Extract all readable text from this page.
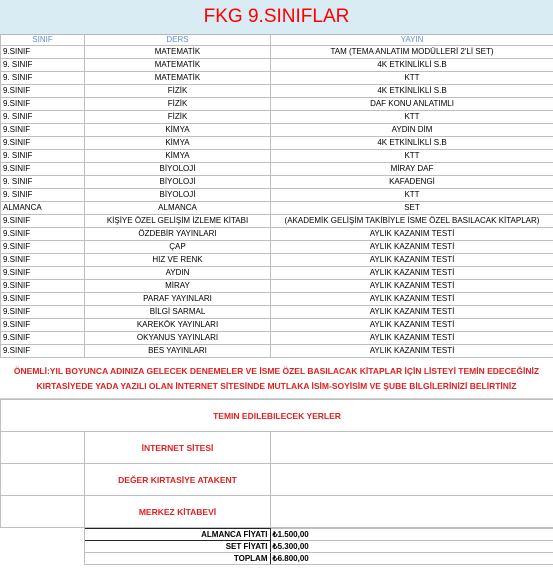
FKG 9.SINIFLAR
SINIF	DERS	YAYIN
9.SINIF	MATEMATİK	TAM (TEMA ANLATIM MODÜLLERİ 2'Lİ SET)
9. SINIF	MATEMATİK	4K ETKİNLİKLİ S.B
9. SINIF	MATEMATİK	KTT
9.SINIF	FİZİK	4K ETKİNLİKLİ S.B
9.SINIF	FİZİK	DAF KONU ANLATIMLI
9. SINIF	FİZİK	KTT
9.SINIF	KİMYA	AYDIN DİM
9.SINIF	KİMYA	4K ETKİNLİKLİ S.B
9. SINIF	KİMYA	KTT
9.SINIF	BİYOLOJİ	MİRAY DAF
9. SINIF	BİYOLOJİ	KAFADENGİ
9. SINIF	BİYOLOJİ	KTT
ALMANCA	ALMANCA	SET
9.SINIF	KİŞİYE ÖZEL GELİŞİM İZLEME KİTABI	(AKADEMİK GELİŞİM TAKİBİYLE İSME ÖZEL BASILACAK KİTAPLAR)
9.SINIF	ÖZDEBİR YAYINLARI	AYLIK KAZANIM TESTİ
9.SINIF	ÇAP	AYLIK KAZANIM TESTİ
9.SINIF	HIZ VE RENK	AYLIK KAZANIM TESTİ
9.SINIF	AYDIN	AYLIK KAZANIM TESTİ
9.SINIF	MİRAY	AYLIK KAZANIM TESTİ
9.SINIF	PARAF YAYINLARI	AYLIK KAZANIM TESTİ
9.SINIF	BİLGİ SARMAL	AYLIK KAZANIM TESTİ
9.SINIF	KAREKÖK YAYINLARI	AYLIK KAZANIM TESTİ
9.SINIF	OKYANUS YAYINLARI	AYLIK KAZANIM TESTİ
9.SINIF	BES YAYINLARI	AYLIK KAZANIM TESTİ
ÖNEMLİ:YIL BOYUNCA ADINIZA GELECEK DENEMELER VE İSME ÖZEL BASILACAK KİTAPLAR İÇİN LİSTEYİ TEMİN EDECEĞİNİZ
KIRTASİYEDE YADA YAZILI OLAN İNTERNET SİTESİNDE MUTLAKA İSİM-SOYİSİM VE ŞUBE BİLGİLERİNİZİ BELİRTİNİZ
TEMIN EDILEBILECEK YERLER		
	İNTERNET SİTESİ	
	DEĞER KIRTASİYE ATAKENT	
	MERKEZ KİTABEVİ	
	ALMANCA FİYATI	₺1.500,00
	SET FİYATI	₺5.300,00
	TOPLAM	₺6.800,00
